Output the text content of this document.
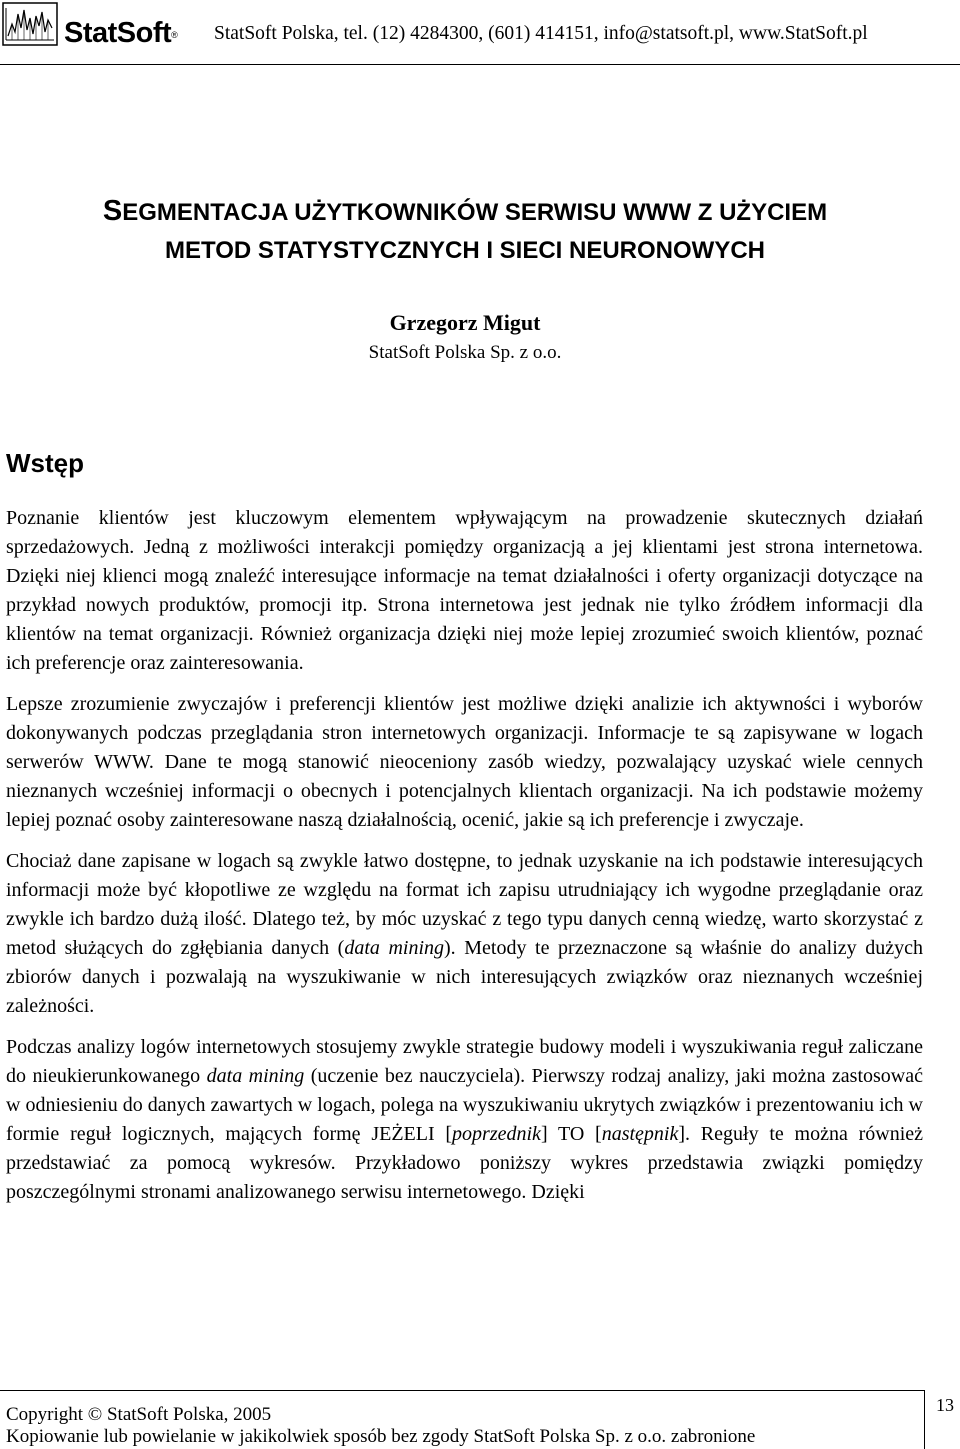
StatSoft® StatSoft Polska, tel. (12) 4284300, (601) 414151, info@statsoft.pl, www.StatSoft.pl
SEGMENTACJA UŻYTKOWNIKÓW SERWISU WWW Z UŻYCIEM
METOD STATYSTYCZNYCH I SIECI NEURONOWYCH
Grzegorz Migut
StatSoft Polska Sp. z o.o.
Wstęp

Poznanie klientów jest kluczowym elementem wpływającym na prowadzenie skutecznych działań sprzedażowych. Jedną z możliwości interakcji pomiędzy organizacją a jej klientami jest strona internetowa. Dzięki niej klienci mogą znaleźć interesujące informacje na temat działalności i oferty organizacji dotyczące na przykład nowych produktów, promocji itp. Strona internetowa jest jednak nie tylko źródłem informacji dla klientów na temat organizacji. Również organizacja dzięki niej może lepiej zrozumieć swoich klientów, poznać ich preferencje oraz zainteresowania.

Lepsze zrozumienie zwyczajów i preferencji klientów jest możliwe dzięki analizie ich aktywności i wyborów dokonywanych podczas przeglądania stron internetowych organizacji. Informacje te są zapisywane w logach serwerów WWW. Dane te mogą stanowić nieoceniony zasób wiedzy, pozwalający uzyskać wiele cennych nieznanych wcześniej informacji o obecnych i potencjalnych klientach organizacji. Na ich podstawie możemy lepiej poznać osoby zainteresowane naszą działalnością, ocenić, jakie są ich preferencje i zwyczaje.

Chociaż dane zapisane w logach są zwykle łatwo dostępne, to jednak uzyskanie na ich podstawie interesujących informacji może być kłopotliwe ze względu na format ich zapisu utrudniający ich wygodne przeglądanie oraz zwykle ich bardzo dużą ilość. Dlatego też, by móc uzyskać z tego typu danych cenną wiedzę, warto skorzystać z metod służących do zgłębiania danych (data mining). Metody te przeznaczone są właśnie do analizy dużych zbiorów danych i pozwalają na wyszukiwanie w nich interesujących związków oraz nieznanych wcześniej zależności.

Podczas analizy logów internetowych stosujemy zwykle strategie budowy modeli i wyszukiwania reguł zaliczane do nieukierunkowanego data mining (uczenie bez nauczyciela). Pierwszy rodzaj analizy, jaki można zastosować w odniesieniu do danych zawartych w logach, polega na wyszukiwaniu ukrytych związków i prezentowaniu ich w formie reguł logicznych, mających formę JEŻELI [poprzednik] TO [następnik]. Reguły te można również przedstawiać za pomocą wykresów. Przykładowo poniższy wykres przedstawia związki pomiędzy poszczególnymi stronami analizowanego serwisu internetowego. Dzięki

Copyright © StatSoft Polska, 2005
Kopiowanie lub powielanie w jakikolwiek sposób bez zgody StatSoft Polska Sp. z o.o. zabronione
13
